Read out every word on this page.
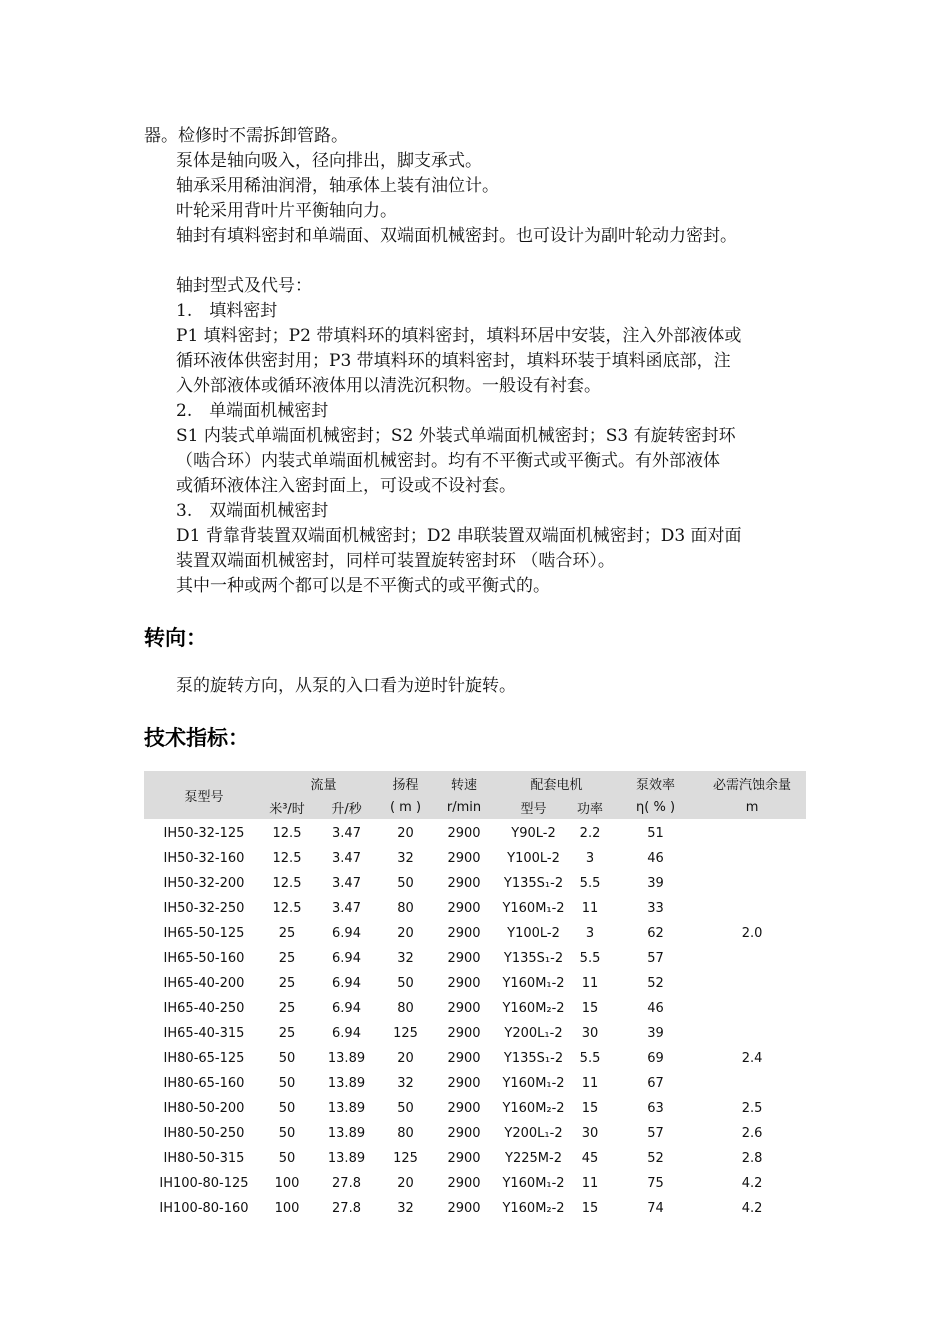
器。检修时不需拆卸管路。
泵体是轴向吸入，径向排出，脚支承式。
轴承采用稀油润滑，轴承体上装有油位计。
叶轮采用背叶片平衡轴向力。
轴封有填料密封和单端面、双端面机械密封。也可设计为副叶轮动力密封。
轴封型式及代号：
1.　填料密封
P1 填料密封；P2 带填料环的填料密封，填料环居中安装，注入外部液体或
循环液体供密封用；P3 带填料环的填料密封，填料环装于填料函底部，注
入外部液体或循环液体用以清洗沉积物。一般设有衬套。
2.　单端面机械密封
S1 内装式单端面机械密封；S2 外装式单端面机械密封；S3 有旋转密封环
（啮合环）内装式单端面机械密封。均有不平衡式或平衡式。有外部液体
或循环液体注入密封面上，可设或不设衬套。
3.　双端面机械密封
D1 背靠背装置双端面机械密封；D2 串联装置双端面机械密封；D3 面对面
装置双端面机械密封，同样可装置旋转密封环 （啮合环）。
其中一种或两个都可以是不平衡式的或平衡式的。
转向：
泵的旋转方向，从泵的入口看为逆时针旋转。
技术指标：
泵型号	流量		扬程	转速	配套电机		泵效率	必需汽蚀余量
	米³/时	升/秒	( m )	r/min	型号	功率	η( % )	m
IH50-32-125	12.5	3.47	20	2900	Y90L-2	2.2	51	
IH50-32-160	12.5	3.47	32	2900	Y100L-2	3	46	
IH50-32-200	12.5	3.47	50	2900	Y135S₁-2	5.5	39	
IH50-32-250	12.5	3.47	80	2900	Y160M₁-2	11	33	
IH65-50-125	25	6.94	20	2900	Y100L-2	3	62	2.0
IH65-50-160	25	6.94	32	2900	Y135S₁-2	5.5	57	
IH65-40-200	25	6.94	50	2900	Y160M₁-2	11	52	
IH65-40-250	25	6.94	80	2900	Y160M₂-2	15	46	
IH65-40-315	25	6.94	125	2900	Y200L₁-2	30	39	
IH80-65-125	50	13.89	20	2900	Y135S₁-2	5.5	69	2.4
IH80-65-160	50	13.89	32	2900	Y160M₁-2	11	67	
IH80-50-200	50	13.89	50	2900	Y160M₂-2	15	63	2.5
IH80-50-250	50	13.89	80	2900	Y200L₁-2	30	57	2.6
IH80-50-315	50	13.89	125	2900	Y225M-2	45	52	2.8
IH100-80-125	100	27.8	20	2900	Y160M₁-2	11	75	4.2
IH100-80-160	100	27.8	32	2900	Y160M₂-2	15	74	4.2
